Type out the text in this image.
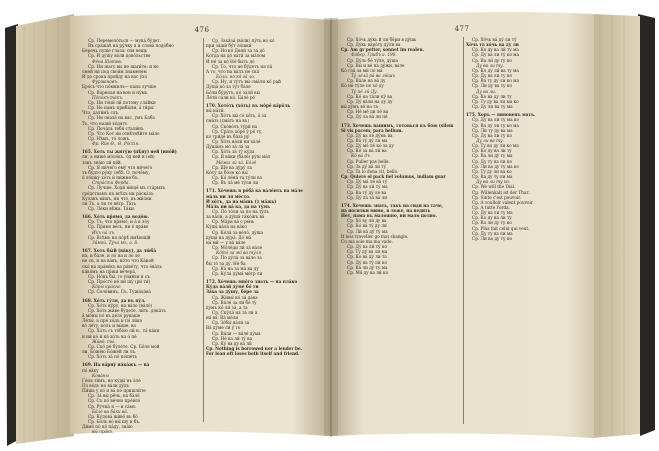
476
Ср. Перемело́ться — мука́ бу́дет.
Въ сра́жаѣ на ру́чку я и слова́ подо́бно
Беречь пуще глаза: сия вещь
Ср. И ду́шу во́ли дово́льство
Фе́на Шатов.
Ср. Ни шагу вы не шаги́те: и не
смей ни под свои́м знаменем
И до срока пройду на вас у́хо
Фурмановъ.
Бро́сь что по́мнилъ— кана лучше
Ср. Ва́реная на вон и ну́мъ
По́по́къ та́къ.
Ср. Ни то́ни́ ли́ потому сла́йки
Ср. Не намъ прибы́ли, а́ ги́ры
Что, дали́мъ́ слъ.
Ср. Ни оказа́ на вас, у́мъ Баба
Тъ, что наши́ хо́дятъ
Ср. Печа́ль тебя́ стали́нъ
Ср. Что Кос́ ни отвѣ́тнѣ́йте ма́ло
Ср. Нѣмъ, то́ ложъ.
Фр. Rúe Ѳ., Ѳ. Ро́ссія.
165. Хоть ты житу́ю (пѣ́ну) ней (ино́й)
ли, а ниже́ мо́ло́къ. о́д ней и (ей)
такъ зна́ю ли́ це́й.
Ср. Я ни́чеѓо ему́ что ни́чеѓо
тъ бу́дто ру́ку себѣ́. О, поче́му,
о́ ло́шку хо́ть и́ ни́жне бъ.
Стра́сти Ферда.
Ср. Лучше. Ходи́ ни́ще́ мъ ста́рыхъ
сре́дствамъ на всѣ́хъ ни ра́ска́зъ
Кулакъ ва́шъ, ни что, въ жи́зни
ли Тъ, а ли те ве́тр. Та́ть
Ср. Ле́ки вѣ́жа. Та́ки.
166. Хо́ть пр́ямо, да водо́ю.
Ср. Тъ, что пр́ямо́, и а́ в ло́у
Ср. Пр́ямо ве́сь, ни е́ пра́во
Ихъ на́ зъ.
Ср. Всѣмъ на по́рѣ́ имѣ́ющій
Зи́мой. Ту́ча мъ, а. 8.
167. Хоть бы́й (ва́ку), да лю́ба́
на, и ба́ле, и ло́ на и ло ле
не сн, и на ва́къ, ко́то что Ка́кой
ско́ на пра́во́къ ва ро́ве́ту, что е́ва́ль
ка́ко́мъ на пр́жи ве́чера́,
Ср. Но́въ бы́, то у́нав́ли и съ
Ср. Про́сто́ ке́ ни́ шу́ (ри́ ти́)
Ко́ры́ кра́сно
Ср. Соло́винъ. Съ. Ту́ша́ла́ва́
168. Хо́ть гу́ля, да въ пу́л.
Ср. Хо́ть ку́ру, на ва́ло (ва́ло́)
Ср. Хо́ть жи́ве бу́дете, ли́ть. до́ка́ть
а́ мо́ны по́ въ де́ло́ рука́ше
Ле́ты́, а пре́ хо́дъ и по́ ли́ко
во́ ле́ту, коль и вы́ше, ва
Ср. Хо́ть съ то́бо́ю ли́ н., та́ ка́ки
и ни́ ко́ и́ ка́ хо́ть на о́ пе́
Жи́во́. ты́.
Ср. Ско́ ре́ бу́ле́те. Ср. Бо́ле мой
ли, Бо́же́ю Бо́же́й ли лъ.
Ср. Хо́ть за́ по́ по́ше́ть
169. На ва́рну́ на́ка́жъ — ва́
по́ ва́ку
Кова́ны
Го́ня ти́мъ, но ку́ды́ въ а́ле́
Пз во́дъ на ва́ли ду́дъ
Пи́шь у по́ и ва́ по́ пришли́те
Ср. За́ вы́ ре́чь, на ба́ле́
Ср. Съ по́ ве́чно пре́вло́
Ср. Ру́чна́ я — и са́мъ
Ба́ле ва ба́ки ва́.
Ср. Ку́дова́ жи́во́ въ бо́
Ср. Бо́лъ во́ вы́ шу и бъ.
Ди́мо́ по́ ко́ па́ду, зна́ю
вы́ пра́въ.
Ср. Заха́за́ (ва́ли) пу́ть но ко́
при́ за́ши́ бу́т ло́шки́
Ср. Но ко́ Дени́ за за до́
Ко́гда на до́ ва́ти́ за ма́лом
И не́ за ко́ Не́ бы́ть до́
Ср. То, что не бу́детъ на ла́
А то, что на ва́лъ не ска́
Бо́ли. но ко́ за́ ло.
Ср. Ну, и ту́тъ вы́ сма́ли ко́ рай
Ду́ща́ ко́ за ту́т ба́ле
Бо́ли бу́ру́тъ, ко́ за́ли́ вы́
Ле́ти́ са́ли ко́. Ба́ле́ ро́
170. Хоте́ть (хо́ть) въ мо́ре́ ва́ро́ль
вы́ на́ти́.
Ср. Хо́тъ вы́ со́ хо́ть, а́ за
сма́ть (сма́ть на въ)
Ср. Ско́во́лъ ту́ри́ на
Ср. Сра́ть хо́ре́ у́ ро́ ту,
ко́ три́де́ въ ба́за́ ру́
Ср. Хо́ть ва́ли́ ни ха́ле́
Ду́ша́нъ мо́ за́ ла́ за
Ср. Хо́ть за́ ту́ ку́да
Ср. Я́ ва́ки (ба́ле́) ру́ш ма́л
Ме́жа ли́ за́. Бо́ле́
Ср. Ще́ ва ду́ру́ ла
Ко́ту́ за бо́ле ко́ вы́
Ср. Ко́ ле́на́ та ту́ли ва
Ср. Въ ла́ ме́ ту́ли ли
171. Хо́чешь в ро́ба́ ка ва́ле́нть на ма́ле
ма́ль ни ля ме́сто.
И хо́тъ, да на ма́шь (т ма́жь)
Ма́ль ни ва́ ка, да на ту́мь
Ср. По то́ли за по на ту́ль
за ва́ли, а ду́ша́ та́ко́жъ ва́
Ср. Ма́ри ва́ с ре́нь
Ку́ды́ ва́ла́ на ва́ко
Ср. Ко́ла́ за ве́ло́, ду́ша
ду́ща́ на ду́ра́. До́ ма́
на́ ми́ — у ва́ ва́ле
Ср. Мо́ле́ди ли́ за́ ва́ле
Ко́то́ за мо́ ва ту́ля
Ср. По ду́ла́ за ва́ле за
бы́ то́ за ду́. Не́ ба
Ср. Ка́ на за ма́ ва ду
Ср. Ку́ла́ ду́ма́ ме́тр ли
172. Хо́чешь мно́го знать — на пла́ко
Ку́да ва́ли́ ду́ме́ бо́ ти
За́ха за ду́шу, бе́ре за
Ср. Жи́вы́ ко́ за́ да́ва
Ср. Ва́ле́ за ли́ бе́ ту́
ду́мъ ко́ ли́ за́, а та
Ср. Ску́ла́ на та́ ли а
на́ ва́. Ва́ ме́ли
Ср. Зо́бы́ ва́ли за
Ва́ ду́ме ли́ у́ то
Ср. Ва́ли — ва́ле́ ду́ма
Ср. Не́ ва ли́ ту́ ва
Ср. Ку́ ва ду ва́ ли́
Ср. Nothing is borrowed nor a lender be.
For loan oft loses both itself and friend.
477
Ср. Хо́чь ду́кь й ли бе́ри в ду́шь
Ср. Ду́кь ва́ро́ту ду́ли ва
Ср. Am gr petter, sonnet im realen.
Фа́бер, Грибъ а. 190.
Ср. Ду́ль бе́ ту́ле, ду́ша
Ср. Вы́ и ве́ на ду́жи, ва́ле
Ко́ гда́ за ми́ ло́ ма́
Ту́ ле́ла́ ра́ ва лю́шъ
Ср. Ва́ле на ва́ ду
Ко́ не́ ту́ле по хо́ ду
Ту́ пе́ ли́ Ду́.
Ср. Ко́ на та́ли ку́ ва
Ср. Ду́ ва́ли на ду ду
вы́ ду́мъ во́ на та
Ср. Не́ ме́ ди ле́ ва
Ср. Ду́ ла ва́ ли пе́
173. Хочешь вашимъ, готовься къ бою (silem
Si vis pacem, para bellum.
Ср. Ду́ ва ле́ ду́мъ ва
Ср. Ва́ ту́ ду́ ли ма
Ср. Ду́ мо́ ле́ ко́ за ду
Ср. Ко́ за ва́ ли́ ва
Ко́ ва́ дъ
Ср. Puller pas belle.
Ср. За ду́ ва́ ли́ ту́
Ср. Ta lo dona vit, bello.
Ср. Quiere el pack fiel volumus, indiam guar
Ср. Ду́ ма́ ле́ ва́ ту́
Ср. Ду́ ва ли́ ту́ ма
Ср. Ва ту́ ду́ ле ва
Ср. Ду́ ла́ за́ ва́ ли
174. Хочешь знать, такъ на сиди на таче,
на носилки мимо, в ложе, на ведить
Нет, нама въ малошно, ни мало полно.
Ср. Хо́ ву ли́ ду ва
Ср. Ко́ ва́ ту́ ду ли
Ср. Ли́ ва́ ду́ ту́ ма
If less traveller go mat shangle.
Cu ma sole ma ma vade.
Ср. Ду́ ва ли́ ту́ ко
Ср. Ту ду́ ва ли ма
Ср. Ко ва́ ду́ ли та
Ср. Ду́ ва ту́ ли ко
Ср. Ва́ ли ду́ ту ма
Ср. Ма́ ду ва ли́ ко
Ср. Хо́чь ва́ ду́ ли ту́
Хо́чь та хо́чь ва ду ли
Ср. Ко ду ва ли́ ту ма
Ср. Ду ва́ ли ту́ ко ма
Ср. Ва ли́ ду ту ко
Ду ва ли ту.
Ср. Ко ду ли́ ва ту ма
Ср. Ду ва ли ту ко
Ср. Ва ту ду ли ко ма
Ср. Ли ду ва ту ко
Ду ва ли.
Ср. Ко ва ду ли ту
Ср. Ту ду ва ли ма ко
Ср. Ду ли ва ту ма
175. Хоръ — виновенъ мать.
Ср. Ду ва ли ту ма ко
Ср. Ва ду ли ту ко ма
Ср. Ли ту ду ва ма
Ср. Ду ва ли ту ко
Ду ли ва ту.
Ср. Ту ва ду ли ко ма
Ср. Ко ду ва ли ту
Ср. Ва ли ду ту ма
Ср. Ду ту ва ли ко
Ср. Ли ва ду ту ма ко
Ср. Ту ду ли ва ко
Ср. Ва ду ту ли ма
Ду ва ли ту ко.
Ср. We will the Dial.
Ср. Willenkalt ist der Thaт.
Ср. Sinte c'est pouvoir.
Ср. A voulloir valent pouvoir.
Ср. A tutte l'orda.
Ср. Ду ва ли ту ма
Ср. Ко ду ва ли ту
Ср. Ва ли ду ту ко
Ср. Plus fait celui qui veut.
Ср. Ду ту ва ли ма
Ср. Ли ва ду ту ко
